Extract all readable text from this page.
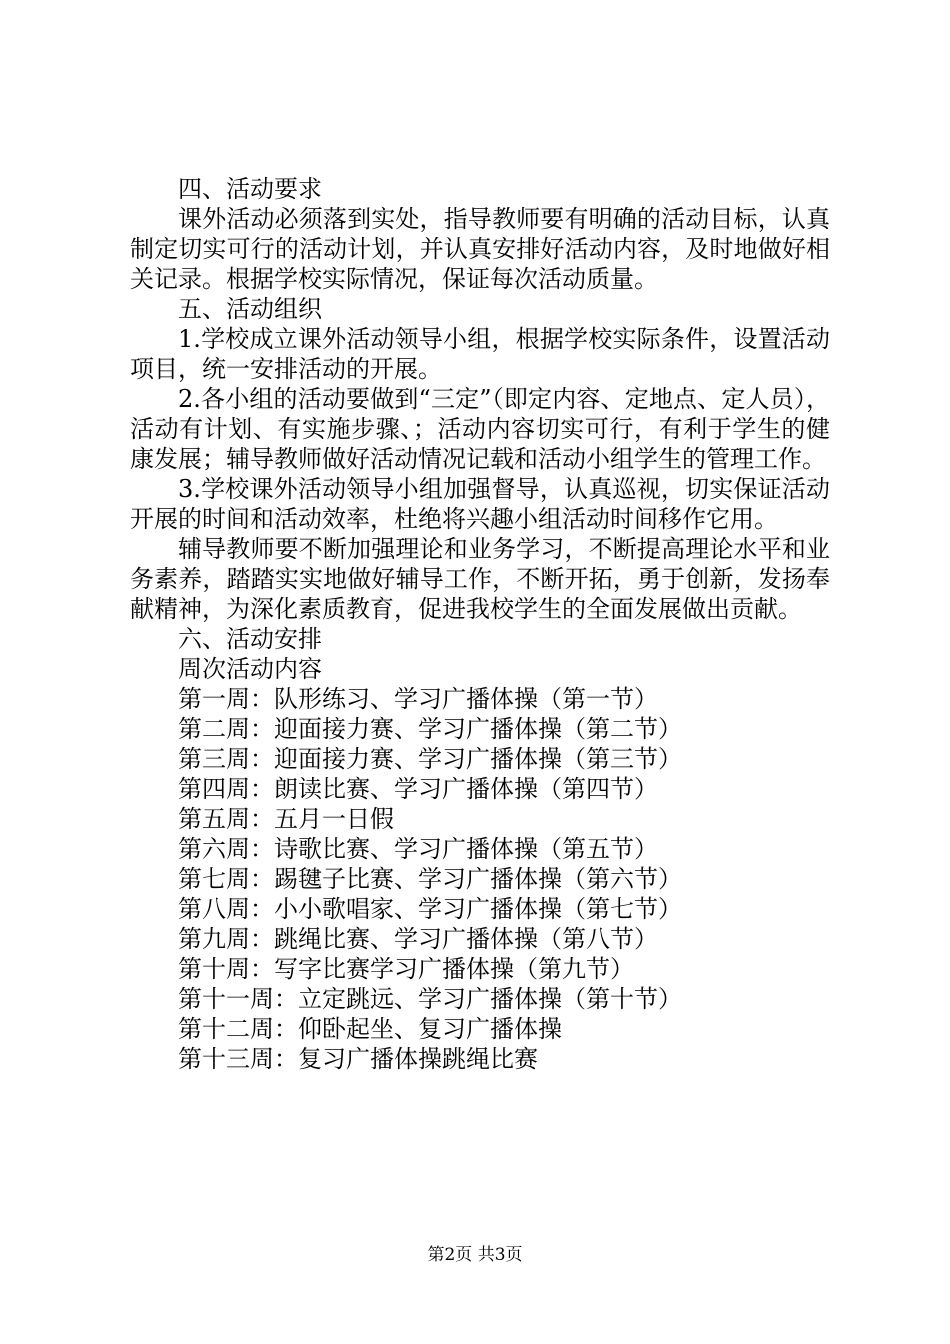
四、活动要求

课外活动必须落到实处，指导教师要有明确的活动目标，认真制定切实可行的活动计划，并认真安排好活动内容，及时地做好相关记录。根据学校实际情况，保证每次活动质量。

五、活动组织

1.学校成立课外活动领导小组，根据学校实际条件，设置活动项目，统一安排活动的开展。

2.各小组的活动要做到“三定”（即定内容、定地点、定人员），活动有计划、有实施步骤、；活动内容切实可行，有利于学生的健康发展；辅导教师做好活动情况记载和活动小组学生的管理工作。

3.学校课外活动领导小组加强督导，认真巡视，切实保证活动开展的时间和活动效率，杜绝将兴趣小组活动时间移作它用。

辅导教师要不断加强理论和业务学习，不断提高理论水平和业务素养，踏踏实实地做好辅导工作，不断开拓，勇于创新，发扬奉献精神，为深化素质教育，促进我校学生的全面发展做出贡献。

六、活动安排

周次活动内容

第一周：队形练习、学习广播体操（第一节）

第二周：迎面接力赛、学习广播体操（第二节）

第三周：迎面接力赛、学习广播体操（第三节）

第四周：朗读比赛、学习广播体操（第四节）

第五周：五月一日假

第六周：诗歌比赛、学习广播体操（第五节）

第七周：踢毽子比赛、学习广播体操（第六节）

第八周：小小歌唱家、学习广播体操（第七节）

第九周：跳绳比赛、学习广播体操（第八节）

第十周：写字比赛学习广播体操（第九节）

第十一周：立定跳远、学习广播体操（第十节）

第十二周：仰卧起坐、复习广播体操

第十三周：复习广播体操跳绳比赛

第2页 共3页
